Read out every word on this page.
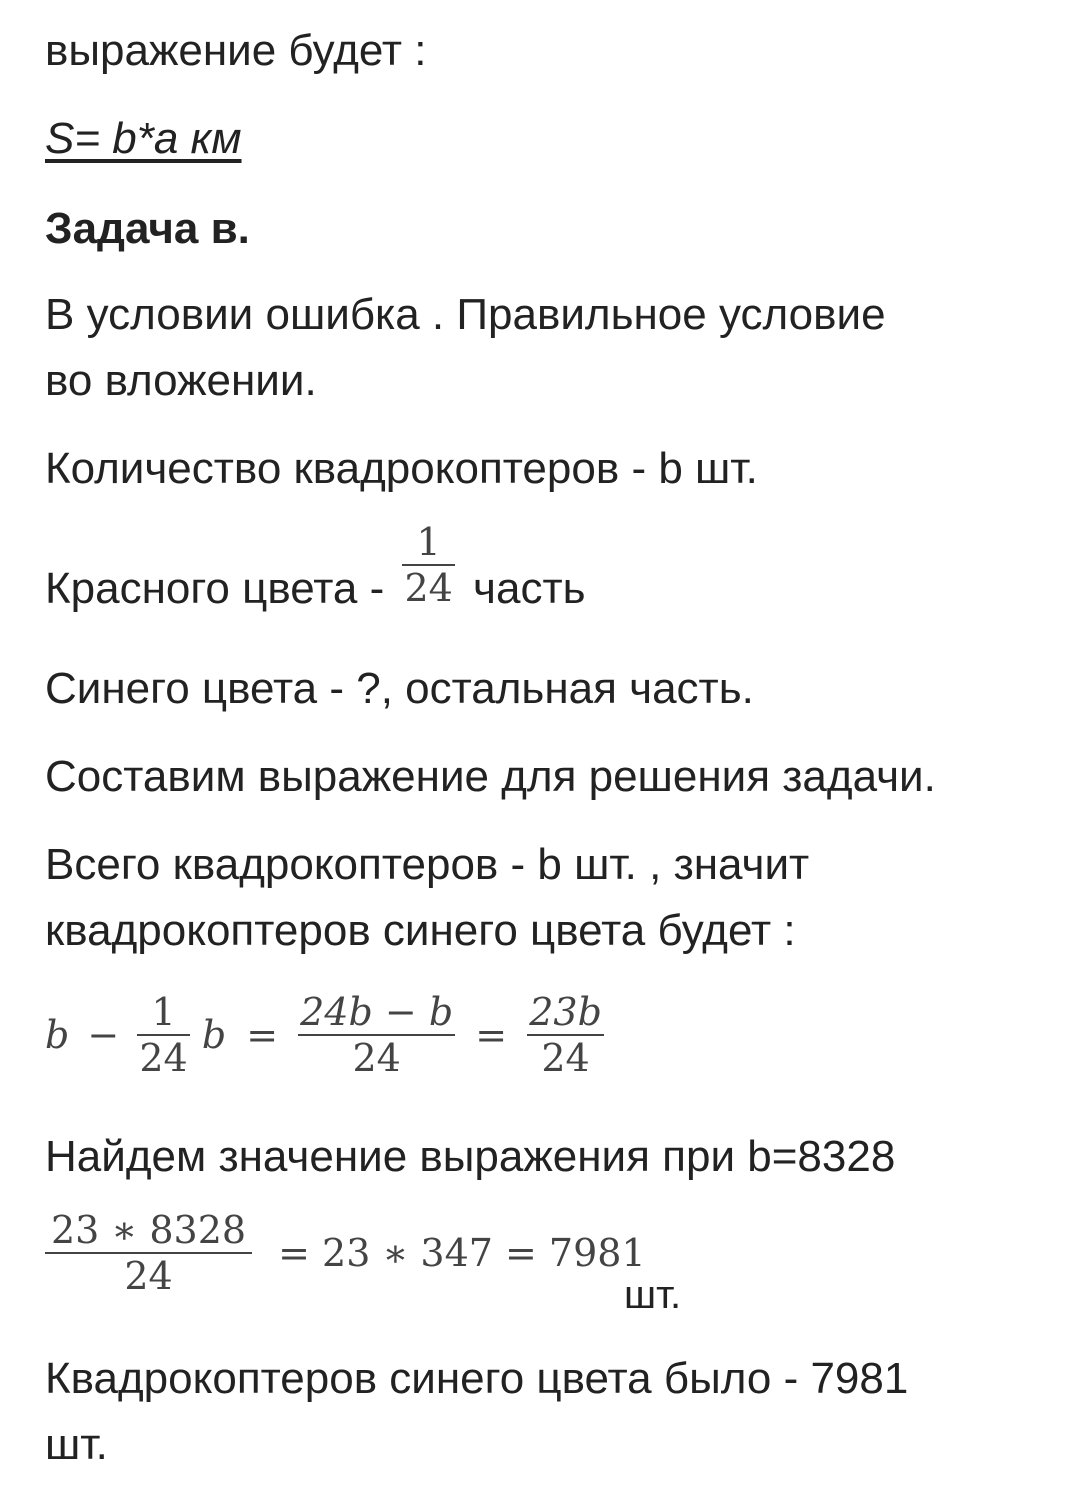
выражение будет :

S= b*a км

Задача в.

В условии ошибка . Правильное условие

во вложении.

Количество квадрокоптеров - b шт.

Красного цвета - $\frac{1}{24}$ часть

Синего цвета - ?, остальная часть.

Составим выражение для решения задачи.

Всего квадрокоптеров - b шт. , значит

квадрокоптеров синего цвета будет :

$b - \frac{1}{24}$ $b = \frac{24b - b}{24} = \frac{23b}{24}$

Найдем значение выражения при b=8328

$\frac{23 ∗ 8328}{24} = 23$ ∗ 347 = 7981

шт.

Квадрокоптеров синего цвета было - 7981

шт.
